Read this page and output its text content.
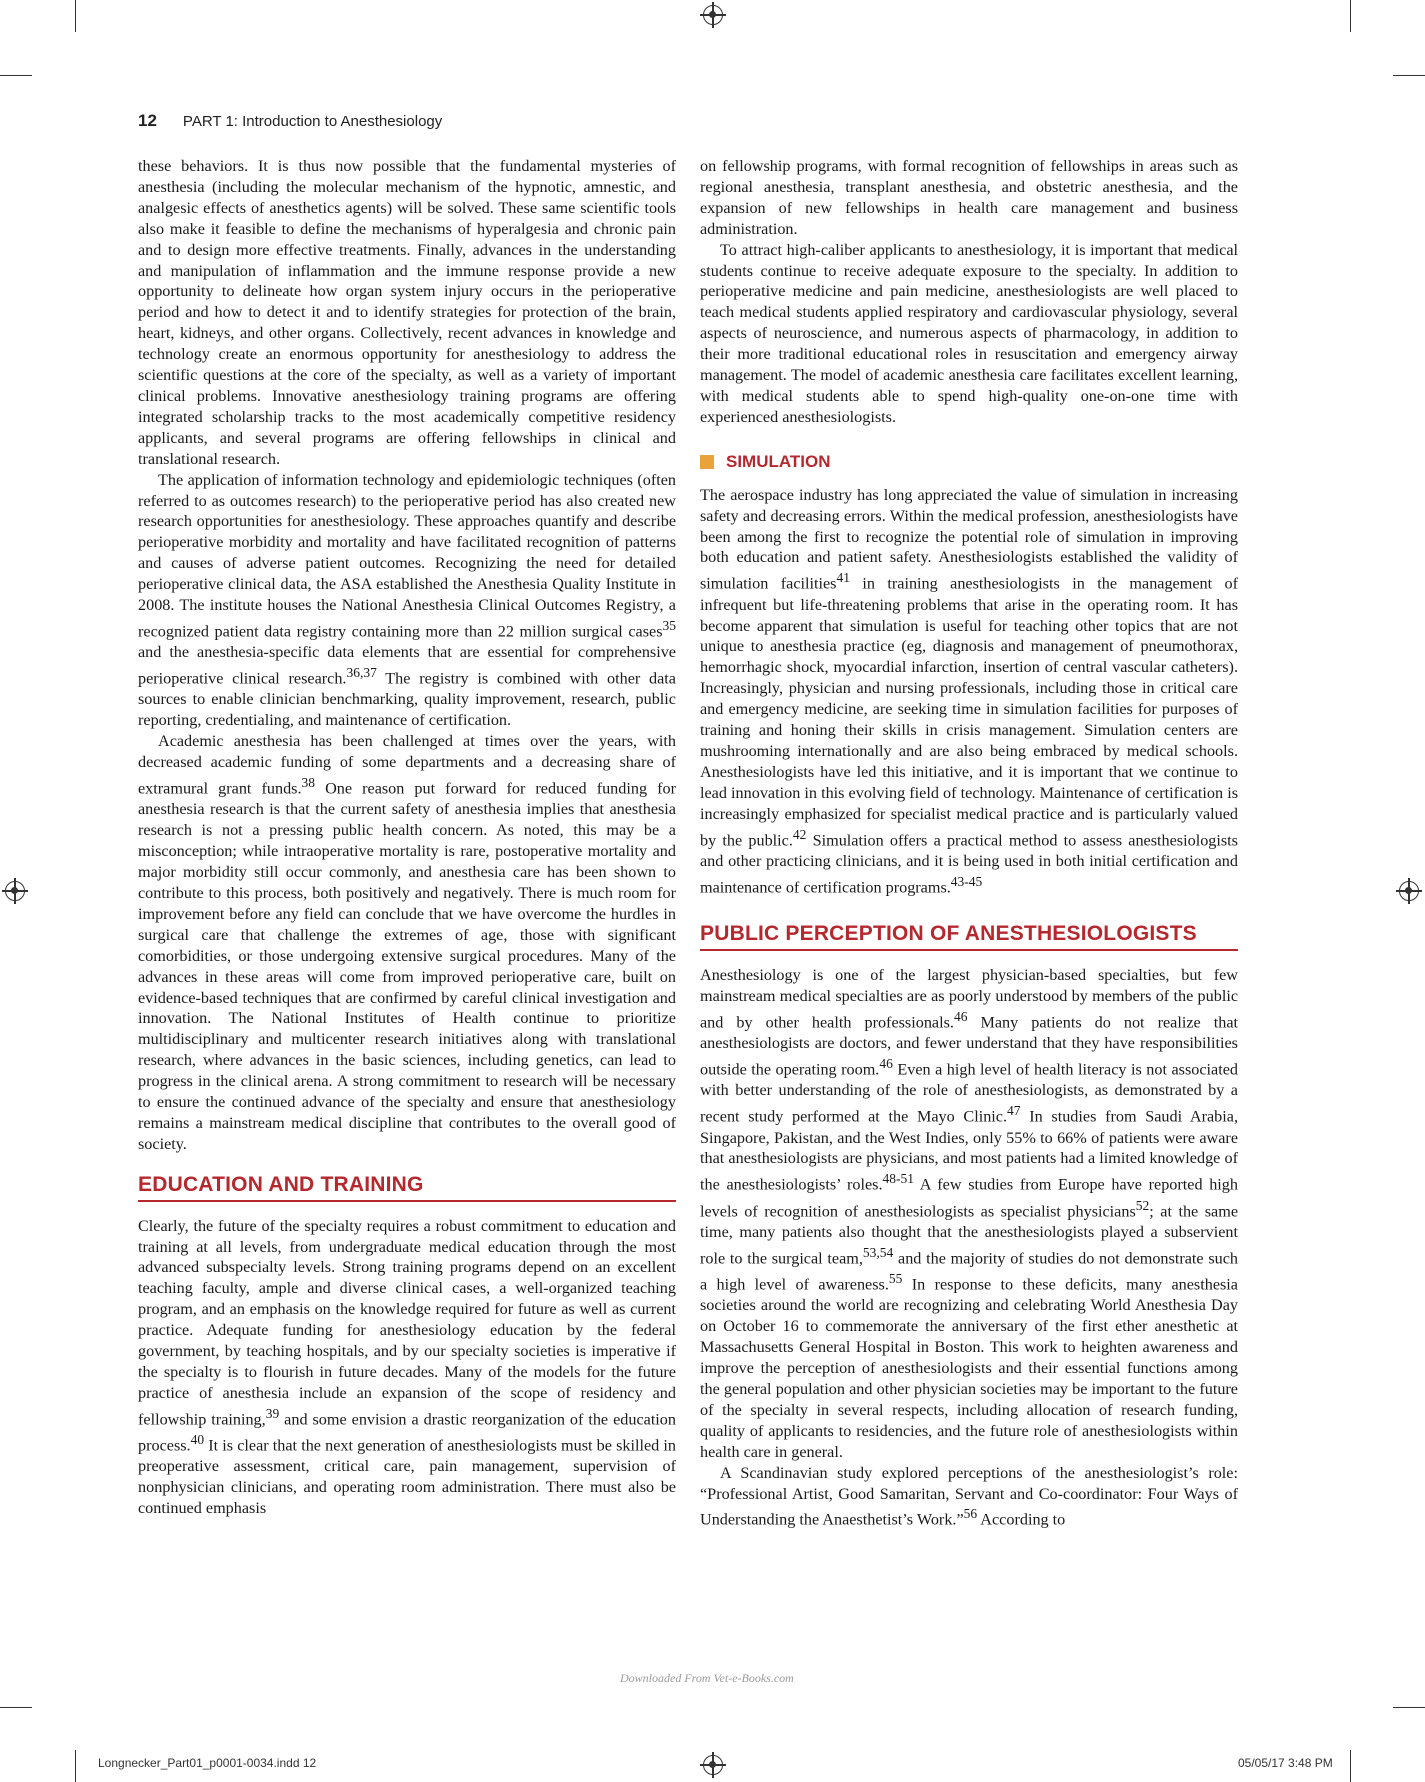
12 PART 1: Introduction to Anesthesiology

these behaviors. It is thus now possible that the fundamental mysteries of anesthesia (including the molecular mechanism of the hypnotic, amnestic, and analgesic effects of anesthetics agents) will be solved. These same scientific tools also make it feasible to define the mechanisms of hyperalgesia and chronic pain and to design more effective treatments. Finally, advances in the understanding and manipulation of inflammation and the immune response provide a new opportunity to delineate how organ system injury occurs in the perioperative period and how to detect it and to identify strategies for protection of the brain, heart, kidneys, and other organs. Collectively, recent advances in knowledge and technology create an enormous opportunity for anesthesiology to address the scientific questions at the core of the specialty, as well as a variety of important clinical problems. Innovative anesthesiology training programs are offering integrated scholarship tracks to the most academically competitive residency applicants, and several programs are offering fellowships in clinical and translational research.

The application of information technology and epidemiologic techniques (often referred to as outcomes research) to the perioperative period has also created new research opportunities for anesthesiology. These approaches quantify and describe perioperative morbidity and mortality and have facilitated recognition of patterns and causes of adverse patient outcomes. Recognizing the need for detailed perioperative clinical data, the ASA established the Anesthesia Quality Institute in 2008. The institute houses the National Anesthesia Clinical Outcomes Registry, a recognized patient data registry containing more than 22 million surgical cases$^{35}$ and the anesthesia-specific data elements that are essential for comprehensive perioperative clinical research.$^{36,37}$ The registry is combined with other data sources to enable clinician benchmarking, quality improvement, research, public reporting, credentialing, and maintenance of certification.

Academic anesthesia has been challenged at times over the years, with decreased academic funding of some departments and a decreasing share of extramural grant funds.$^{38}$ One reason put forward for reduced funding for anesthesia research is that the current safety of anesthesia implies that anesthesia research is not a pressing public health concern. As noted, this may be a misconception; while intraoperative mortality is rare, postoperative mortality and major morbidity still occur commonly, and anesthesia care has been shown to contribute to this process, both positively and negatively. There is much room for improvement before any field can conclude that we have overcome the hurdles in surgical care that challenge the extremes of age, those with significant comorbidities, or those undergoing extensive surgical procedures. Many of the advances in these areas will come from improved perioperative care, built on evidence-based techniques that are confirmed by careful clinical investigation and innovation. The National Institutes of Health continue to prioritize multidisciplinary and multicenter research initiatives along with translational research, where advances in the basic sciences, including genetics, can lead to progress in the clinical arena. A strong commitment to research will be necessary to ensure the continued advance of the specialty and ensure that anesthesiology remains a mainstream medical discipline that contributes to the overall good of society.

EDUCATION AND TRAINING

Clearly, the future of the specialty requires a robust commitment to education and training at all levels, from undergraduate medical education through the most advanced subspecialty levels. Strong training programs depend on an excellent teaching faculty, ample and diverse clinical cases, a well-organized teaching program, and an emphasis on the knowledge required for future as well as current practice. Adequate funding for anesthesiology education by the federal government, by teaching hospitals, and by our specialty societies is imperative if the specialty is to flourish in future decades. Many of the models for the future practice of anesthesia include an expansion of the scope of residency and fellowship training,$^{39}$ and some envision a drastic reorganization of the education process.$^{40}$ It is clear that the next generation of anesthesiologists must be skilled in preoperative assessment, critical care, pain management, supervision of nonphysician clinicians, and operating room administration. There must also be continued emphasis

on fellowship programs, with formal recognition of fellowships in areas such as regional anesthesia, transplant anesthesia, and obstetric anesthesia, and the expansion of new fellowships in health care management and business administration.

To attract high-caliber applicants to anesthesiology, it is important that medical students continue to receive adequate exposure to the specialty. In addition to perioperative medicine and pain medicine, anesthesiologists are well placed to teach medical students applied respiratory and cardiovascular physiology, several aspects of neuroscience, and numerous aspects of pharmacology, in addition to their more traditional educational roles in resuscitation and emergency airway management. The model of academic anesthesia care facilitates excellent learning, with medical students able to spend high-quality one-on-one time with experienced anesthesiologists.

SIMULATION

The aerospace industry has long appreciated the value of simulation in increasing safety and decreasing errors. Within the medical profession, anesthesiologists have been among the first to recognize the potential role of simulation in improving both education and patient safety. Anesthesiologists established the validity of simulation facilities$^{41}$ in training anesthesiologists in the management of infrequent but life-threatening problems that arise in the operating room. It has become apparent that simulation is useful for teaching other topics that are not unique to anesthesia practice (eg, diagnosis and management of pneumothorax, hemorrhagic shock, myocardial infarction, insertion of central vascular catheters). Increasingly, physician and nursing professionals, including those in critical care and emergency medicine, are seeking time in simulation facilities for purposes of training and honing their skills in crisis management. Simulation centers are mushrooming internationally and are also being embraced by medical schools. Anesthesiologists have led this initiative, and it is important that we continue to lead innovation in this evolving field of technology. Maintenance of certification is increasingly emphasized for specialist medical practice and is particularly valued by the public.$^{42}$ Simulation offers a practical method to assess anesthesiologists and other practicing clinicians, and it is being used in both initial certification and maintenance of certification programs.$^{43-45}$

PUBLIC PERCEPTION OF ANESTHESIOLOGISTS

Anesthesiology is one of the largest physician-based specialties, but few mainstream medical specialties are as poorly understood by members of the public and by other health professionals.$^{46}$ Many patients do not realize that anesthesiologists are doctors, and fewer understand that they have responsibilities outside the operating room.$^{46}$ Even a high level of health literacy is not associated with better understanding of the role of anesthesiologists, as demonstrated by a recent study performed at the Mayo Clinic.$^{47}$ In studies from Saudi Arabia, Singapore, Pakistan, and the West Indies, only 55% to 66% of patients were aware that anesthesiologists are physicians, and most patients had a limited knowledge of the anesthesiologists’ roles.$^{48-51}$ A few studies from Europe have reported high levels of recognition of anesthesiologists as specialist physicians$^{52}$; at the same time, many patients also thought that the anesthesiologists played a subservient role to the surgical team,$^{53,54}$ and the majority of studies do not demonstrate such a high level of awareness.$^{55}$ In response to these deficits, many anesthesia societies around the world are recognizing and celebrating World Anesthesia Day on October 16 to commemorate the anniversary of the first ether anesthetic at Massachusetts General Hospital in Boston. This work to heighten awareness and improve the perception of anesthesiologists and their essential functions among the general population and other physician societies may be important to the future of the specialty in several respects, including allocation of research funding, quality of applicants to residencies, and the future role of anesthesiologists within health care in general.

A Scandinavian study explored perceptions of the anesthesiologist’s role: “Professional Artist, Good Samaritan, Servant and Co-coordinator: Four Ways of Understanding the Anaesthetist’s Work.”$^{56}$ According to

Downloaded From Vet-e-Books.com
Longnecker_Part01_p0001-0034.indd 12	05/05/17 3:48 PM
